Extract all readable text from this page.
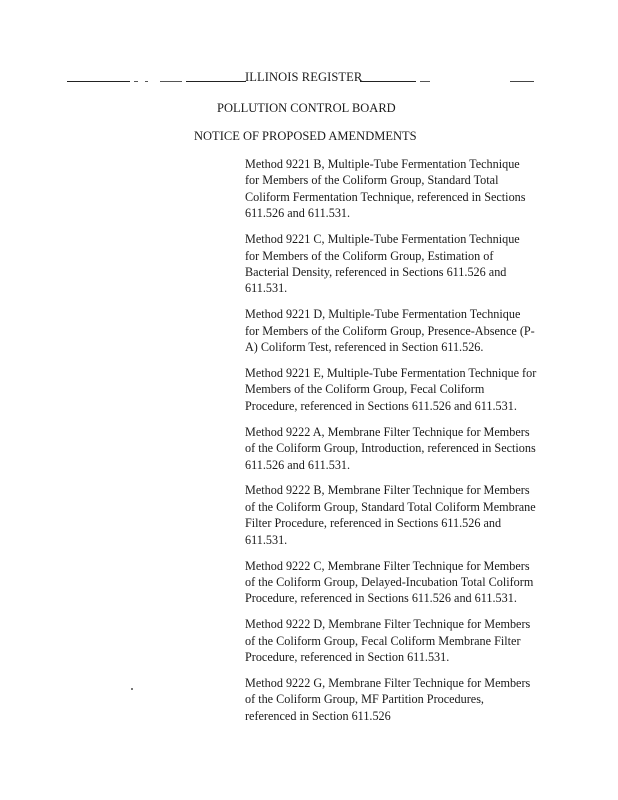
ILLINOIS REGISTER
POLLUTION CONTROL BOARD
NOTICE OF PROPOSED AMENDMENTS

Method 9221 B, Multiple-Tube Fermentation Technique
for Members of the Coliform Group, Standard Total
Coliform Fermentation Technique, referenced in Sections
611.526 and 611.531.

Method 9221 C, Multiple-Tube Fermentation Technique
for Members of the Coliform Group, Estimation of
Bacterial Density, referenced in Sections 611.526 and
611.531.

Method 9221 D, Multiple-Tube Fermentation Technique
for Members of the Coliform Group, Presence-Absence (P-
A) Coliform Test, referenced in Section 611.526.

Method 9221 E, Multiple-Tube Fermentation Technique for
Members of the Coliform Group, Fecal Coliform
Procedure, referenced in Sections 611.526 and 611.531.

Method 9222 A, Membrane Filter Technique for Members
of the Coliform Group, Introduction, referenced in Sections
611.526 and 611.531.

Method 9222 B, Membrane Filter Technique for Members
of the Coliform Group, Standard Total Coliform Membrane
Filter Procedure, referenced in Sections 611.526 and
611.531.

Method 9222 C, Membrane Filter Technique for Members
of the Coliform Group, Delayed-Incubation Total Coliform
Procedure, referenced in Sections 611.526 and 611.531.

Method 9222 D, Membrane Filter Technique for Members
of the Coliform Group, Fecal Coliform Membrane Filter
Procedure, referenced in Section 611.531.

Method 9222 G, Membrane Filter Technique for Members
of the Coliform Group, MF Partition Procedures,
referenced in Section 611.526
